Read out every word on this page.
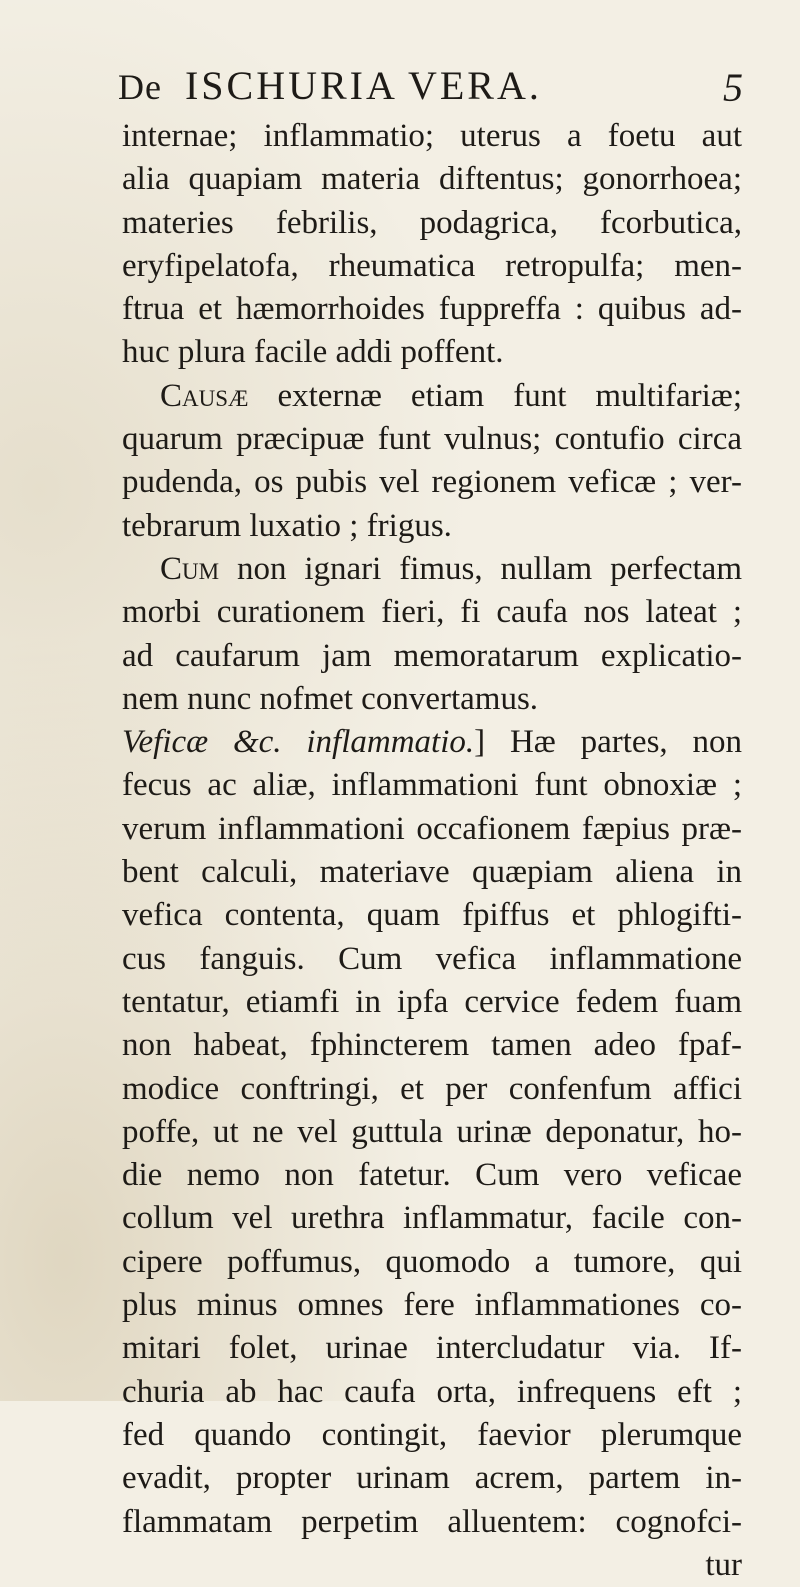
De ISCHURIA VERA.	5
internae; inflammatio; uterus a foetu aut
alia quapiam materia diftentus; gonorrhoea;
materies febrilis, podagrica, fcorbutica,
eryfipelatofa, rheumatica retropulfa; men-
ftrua et hæmorrhoides fuppreffa : quibus ad-
huc plura facile addi poffent.
Causæ externæ etiam funt multifariæ;
quarum præcipuæ funt vulnus; contufio circa
pudenda, os pubis vel regionem veficæ ; ver-
tebrarum luxatio ; frigus.
Cum non ignari fimus, nullam perfectam
morbi curationem fieri, fi caufa nos lateat ;
ad caufarum jam memoratarum explicatio-
nem nunc nofmet convertamus.
Veficæ &c. inflammatio.] Hæ partes, non
fecus ac aliæ, inflammationi funt obnoxiæ ;
verum inflammationi occafionem fæpius præ-
bent calculi, materiave quæpiam aliena in
vefica contenta, quam fpiffus et phlogifti-
cus fanguis. Cum vefica inflammatione
tentatur, etiamfi in ipfa cervice fedem fuam
non habeat, fphincterem tamen adeo fpaf-
modice conftringi, et per confenfum affici
poffe, ut ne vel guttula urinæ deponatur, ho-
die nemo non fatetur. Cum vero veficae
collum vel urethra inflammatur, facile con-
cipere poffumus, quomodo a tumore, qui
plus minus omnes fere inflammationes co-
mitari folet, urinae intercludatur via. If-
churia ab hac caufa orta, infrequens eft ;
fed quando contingit, faevior plerumque
evadit, propter urinam acrem, partem in-
flammatam perpetim alluentem: cognofci-
tur
